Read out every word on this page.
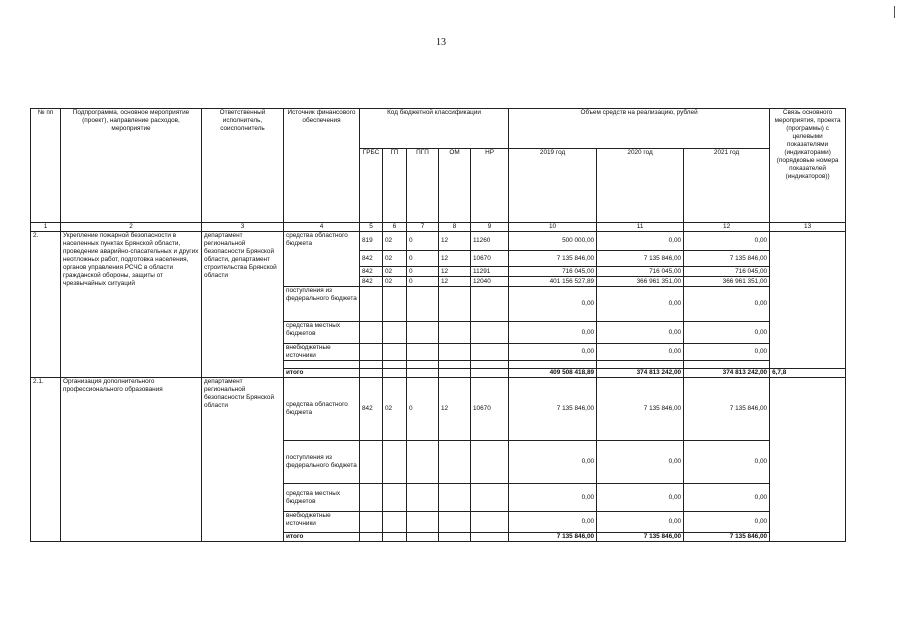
13
№ пп	Подпрограмма, основное мероприятие (проект), направление расходов, мероприятие	Ответственный исполнитель, соисполнитель	Источник финансового обеспечения	Код бюджетной классификации					Объем средств на реализацию, рублей			Связь основного мероприятия, проекта (программы) с целевыми показателями (индикаторами) (порядковые номера показателей (индикаторов))
				ГРБС	ГП	ПГП	ОМ	НР	2019 год	2020 год	2021 год	
1	2	3	4	5	6	7	8	9	10	11	12	13
2.	Укрепление пожарной безопасности в населенных пунктах Брянской области, проведение аварийно-спасательных и других неотложных работ, подготовка населения, органов управления РСЧС в области гражданской обороны, защиты от чрезвычайных ситуаций	департамент региональной безопасности Брянской области, департамент строительства Брянской области	средства областного бюджета	819	02	0	12	11260	500 000,00	0,00	0,00	
				842	02	0	12	10670	7 135 846,00	7 135 846,00	7 135 846,00	
				842	02	0	12	11291	716 045,00	716 045,00	716 045,00	
				842	02	0	12	12040	401 156 527,89	366 961 351,00	366 961 351,00	
			поступления из федерального бюджета						0,00	0,00	0,00	
			средства местных бюджетов						0,00	0,00	0,00	
			внебюджетные источники						0,00	0,00	0,00	

			итого						409 508 418,89	374 813 242,00	374 813 242,00	6,7,8
2.1.	Организация дополнительного профессионального образования	департамент региональной безопасности Брянской области	средства областного бюджета	842	02	0	12	10670	7 135 846,00	7 135 846,00	7 135 846,00	
			поступления из федерального бюджета						0,00	0,00	0,00	
			средства местных бюджетов						0,00	0,00	0,00	
			внебюджетные источники						0,00	0,00	0,00	
			итого						7 135 846,00	7 135 846,00	7 135 846,00	
